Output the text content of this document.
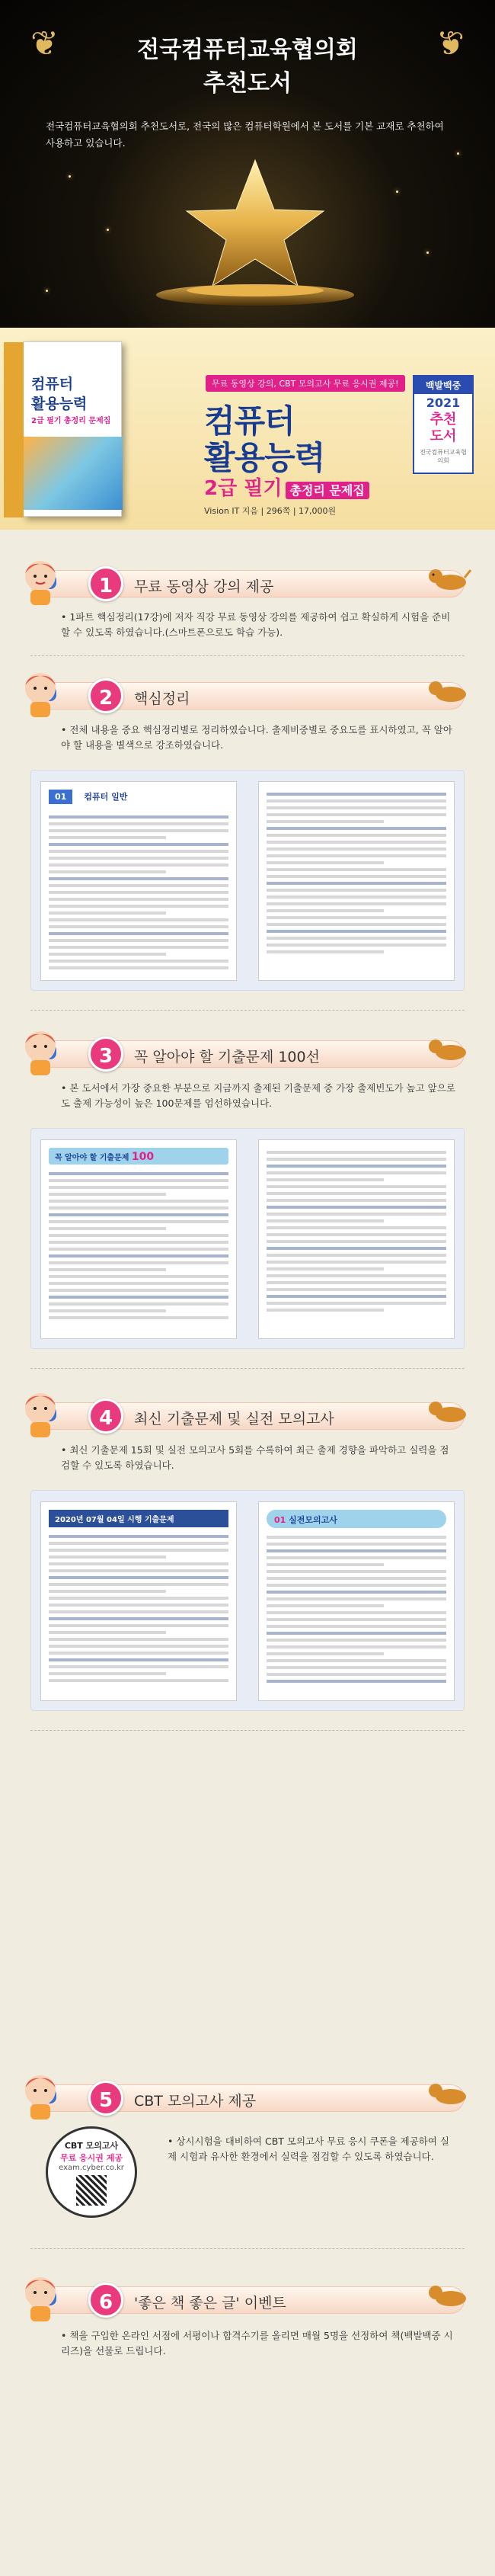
❦	❦
전국컴퓨터교육협의회
추천도서
전국컴퓨터교육협의회 추천도서로, 전국의 많은 컴퓨터학원에서 본 도서를 기본 교재로 추천하여 사용하고 있습니다.
컴퓨터
활용능력
2급 필기 총정리 문제집
무료 동영상 강의, CBT 모의고사 무료 응시권 제공!
컴퓨터
활용능력
2급 필기 총정리 문제집
Vision IT 지음 | 296쪽 | 17,000원
백발백중
2021
추천도서
전국컴퓨터교육협의회
1	무료 동영상 강의 제공
• 1파트 핵심정리(17강)에 저자 직강 무료 동영상 강의를 제공하여 쉽고 확실하게 시험을 준비할 수 있도록 하였습니다.(스마트폰으로도 학습 가능).
2	핵심정리
• 전체 내용을 중요 핵심정리별로 정리하였습니다. 출제비중별로 중요도를 표시하였고, 꼭 알아야 할 내용을 별색으로 강조하였습니다.
01 컴퓨터 일반
3	꼭 알아야 할 기출문제 100선
• 본 도서에서 가장 중요한 부분으로 지금까지 출제된 기출문제 중 가장 출제빈도가 높고 앞으로도 출제 가능성이 높은 100문제를 엄선하였습니다.
꼭 알아야 할 기출문제 100
4	최신 기출문제 및 실전 모의고사
• 최신 기출문제 15회 및 실전 모의고사 5회를 수록하여 최근 출제 경향을 파악하고 실력을 점검할 수 있도록 하였습니다.
2020년 07월 04일 시행 기출문제	01 실전모의고사
5	CBT 모의고사 제공
CBT 모의고사
무료 응시권 제공
exam.cyber.co.kr
• 상시시험을 대비하여 CBT 모의고사 무료 응시 쿠폰을 제공하여 실제 시험과 유사한 환경에서 실력을 점검할 수 있도록 하였습니다.
6	'좋은 책 좋은 글' 이벤트
• 책을 구입한 온라인 서점에 서평이나 합격수기를 올리면 매월 5명을 선정하여 책(백발백중 시리즈)을 선물로 드립니다.
